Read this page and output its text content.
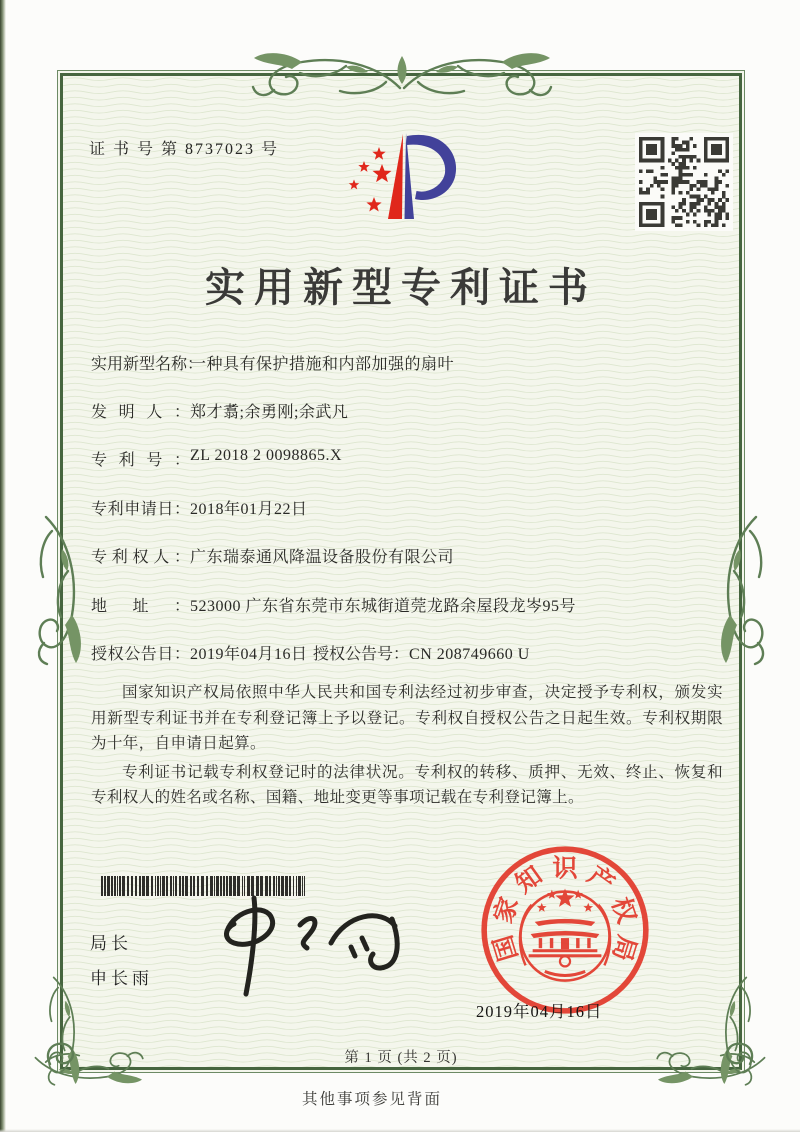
证 书 号 第 8737023 号
实用新型专利证书
实用新型名称 ： 一种具有保护措施和内部加强的扇叶
发明人 ： 郑才翥;余勇刚;余武凡
专利号 ： ZL 2018 2 0098865.X
专利申请日 ： 2018年01月22日
专利权人 ： 广东瑞泰通风降温设备股份有限公司
地址 ： 523000 广东省东莞市东城街道莞龙路余屋段龙岑95号
授权公告日 ： 2019年04月16日 授权公告号 ： CN 208749660 U

国家知识产权局依照中华人民共和国专利法经过初步审查，决定授予专利权，颁发实用新型专利证书并在专利登记簿上予以登记。专利权自授权公告之日起生效。专利权期限为十年，自申请日起算。

专利证书记载专利权登记时的法律状况。专利权的转移、质押、无效、终止、恢复和专利权人的姓名或名称、国籍、地址变更等事项记载在专利登记簿上。

局长
申长雨
国
家
知 识 产
权
局
2019年04月16日
第 1 页 (共 2 页)
其他事项参见背面
